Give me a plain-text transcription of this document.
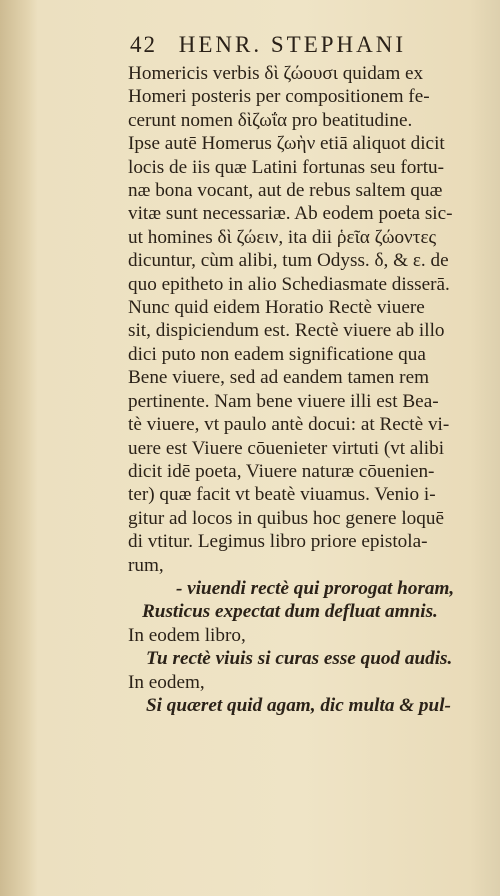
42 HENR. STEPHANI
Homericis verbis δὶ ζώουσι quidam ex
Homeri posteris per compositionem fe-
cerunt nomen δὶζωΐα pro beatitudine.
Ipse autē Homerus ζωὴν etiā aliquot dicit
locis de iis quæ Latini fortunas seu fortu-
næ bona vocant, aut de rebus saltem quæ
vitæ sunt necessariæ. Ab eodem poeta sic-
ut homines δὶ ζώειν, ita dii ῥεῖα ζώοντες
dicuntur, cùm alibi, tum Odyss. δ, & ε. de
quo epitheto in alio Schediasmate disserā.
Nunc quid eidem Horatio Rectè viuere
sit, dispiciendum est. Rectè viuere ab illo
dici puto non eadem significatione qua
Bene viuere, sed ad eandem tamen rem
pertinente. Nam bene viuere illi est Bea-
tè viuere, vt paulo antè docui: at Rectè vi-
uere est Viuere cōuenieter virtuti (vt alibi
dicit idē poeta, Viuere naturæ cōuenien-
ter) quæ facit vt beatè viuamus. Venio i-
gitur ad locos in quibus hoc genere loquē
di vtitur. Legimus libro priore epistola-
rum,
- viuendi rectè qui prorogat horam,
Rusticus expectat dum defluat amnis.
In eodem libro,
Tu rectè viuis si curas esse quod audis.
In eodem,
Si quæret quid agam, dic multa & pul-
